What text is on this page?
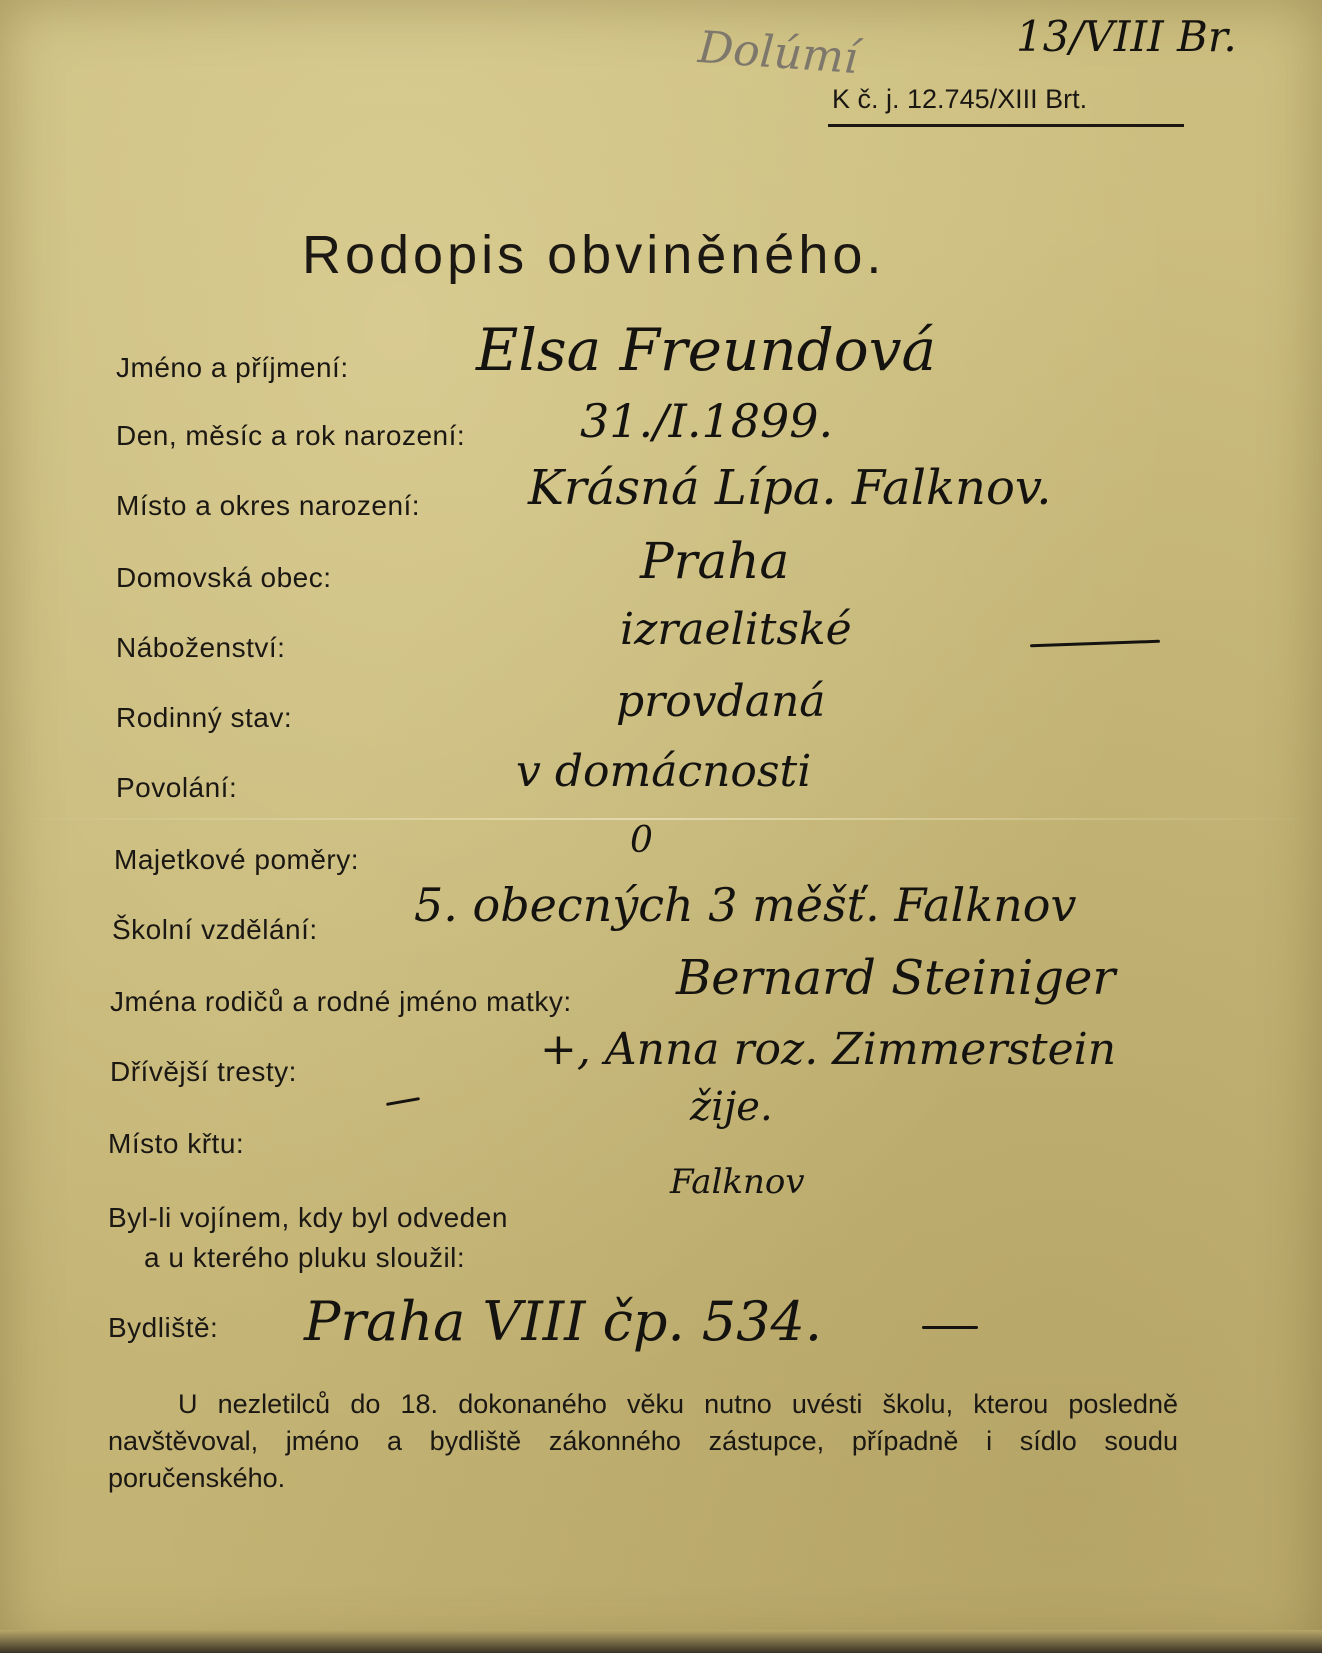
Dolúmí	13/VIII Br.
K č. j. 12.745/XIII Brt.
Rodopis obviněného.
Jméno a příjmení:
Den, měsíc a rok narození:
Místo a okres narození:
Domovská obec:
Náboženství:
Rodinný stav:
Povolání:
Majetkové poměry:
Školní vzdělání:
Jména rodičů a rodné jméno matky:
Dřívější tresty:
Místo křtu:
Byl-li vojínem, kdy byl odveden
a u kterého pluku sloužil:
Bydliště:
Elsa Freundová
31./I.1899.
Krásná Lípa. Falknov.
Praha
izraelitské
provdaná
v domácnosti
0
5. obecných 3 měšť. Falknov
Bernard Steiniger
+, Anna roz. Zimmerstein
žije.
Falknov
Praha VIII čp. 534.
U nezletilců do 18. dokonaného věku nutno uvésti školu, kterou posledně navštěvoval, jméno a bydliště zákonného zástupce, případně i sídlo soudu poručenského.
